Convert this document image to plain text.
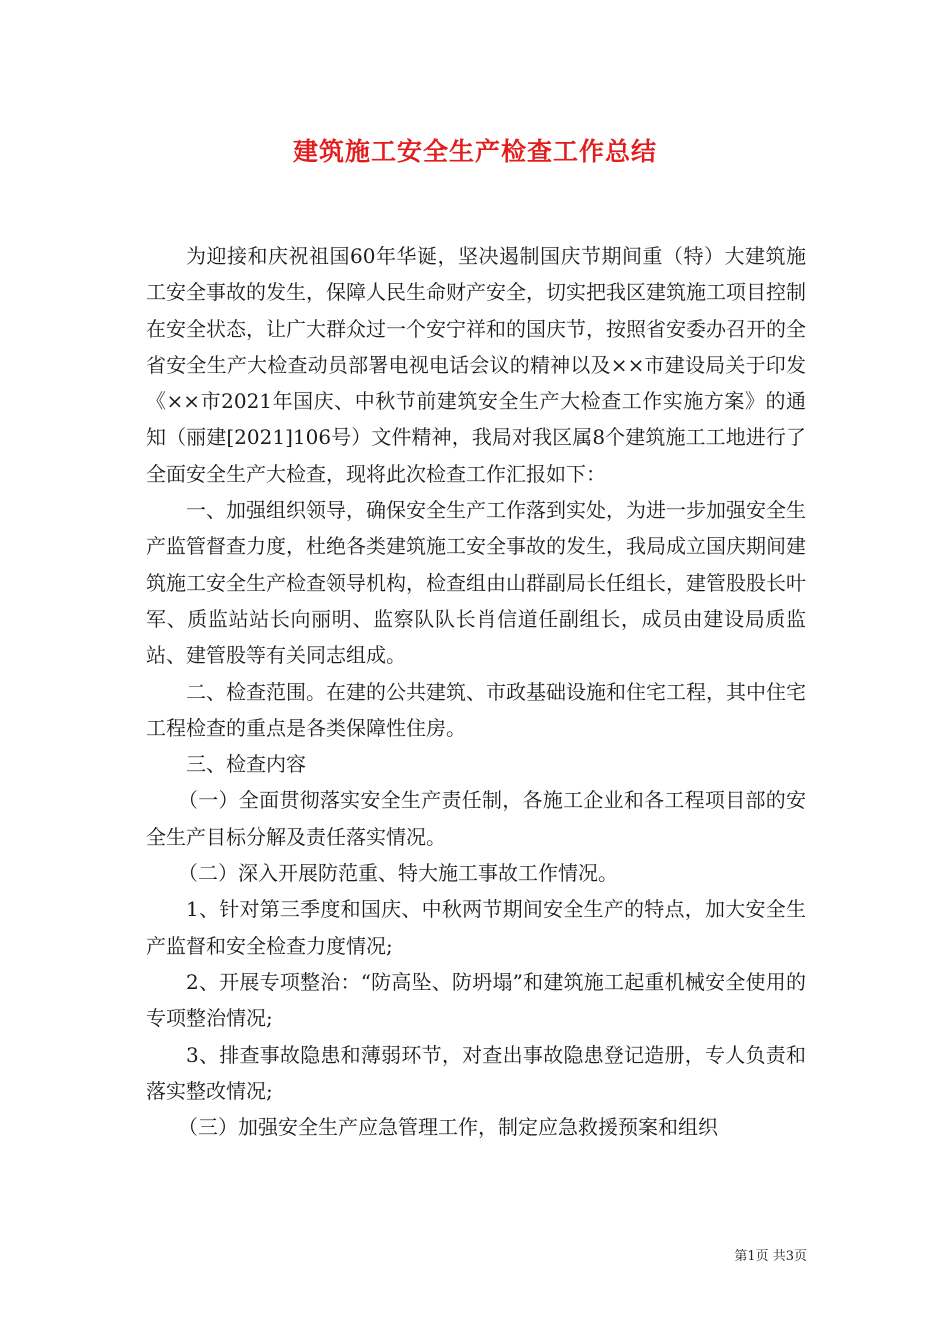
建筑施工安全生产检查工作总结

为迎接和庆祝祖国60年华诞，坚决遏制国庆节期间重（特）大建筑施工安全事故的发生，保障人民生命财产安全，切实把我区建筑施工项目控制在安全状态，让广大群众过一个安宁祥和的国庆节，按照省安委办召开的全省安全生产大检查动员部署电视电话会议的精神以及××市建设局关于印发《××市2021年国庆、中秋节前建筑安全生产大检查工作实施方案》的通知（丽建[2021]106号）文件精神，我局对我区属8个建筑施工工地进行了全面安全生产大检查，现将此次检查工作汇报如下：

一、加强组织领导，确保安全生产工作落到实处，为进一步加强安全生产监管督查力度，杜绝各类建筑施工安全事故的发生，我局成立国庆期间建筑施工安全生产检查领导机构，检查组由山群副局长任组长，建管股股长叶军、质监站站长向丽明、监察队队长肖信道任副组长，成员由建设局质监站、建管股等有关同志组成。

二、检查范围。在建的公共建筑、市政基础设施和住宅工程，其中住宅工程检查的重点是各类保障性住房。

三、检查内容

（一）全面贯彻落实安全生产责任制，各施工企业和各工程项目部的安全生产目标分解及责任落实情况。

（二）深入开展防范重、特大施工事故工作情况。

1、针对第三季度和国庆、中秋两节期间安全生产的特点，加大安全生产监督和安全检查力度情况;

2、开展专项整治：“防高坠、防坍塌”和建筑施工起重机械安全使用的专项整治情况;

3、排查事故隐患和薄弱环节，对查出事故隐患登记造册，专人负责和落实整改情况;

（三）加强安全生产应急管理工作，制定应急救援预案和组织

第1页 共3页
